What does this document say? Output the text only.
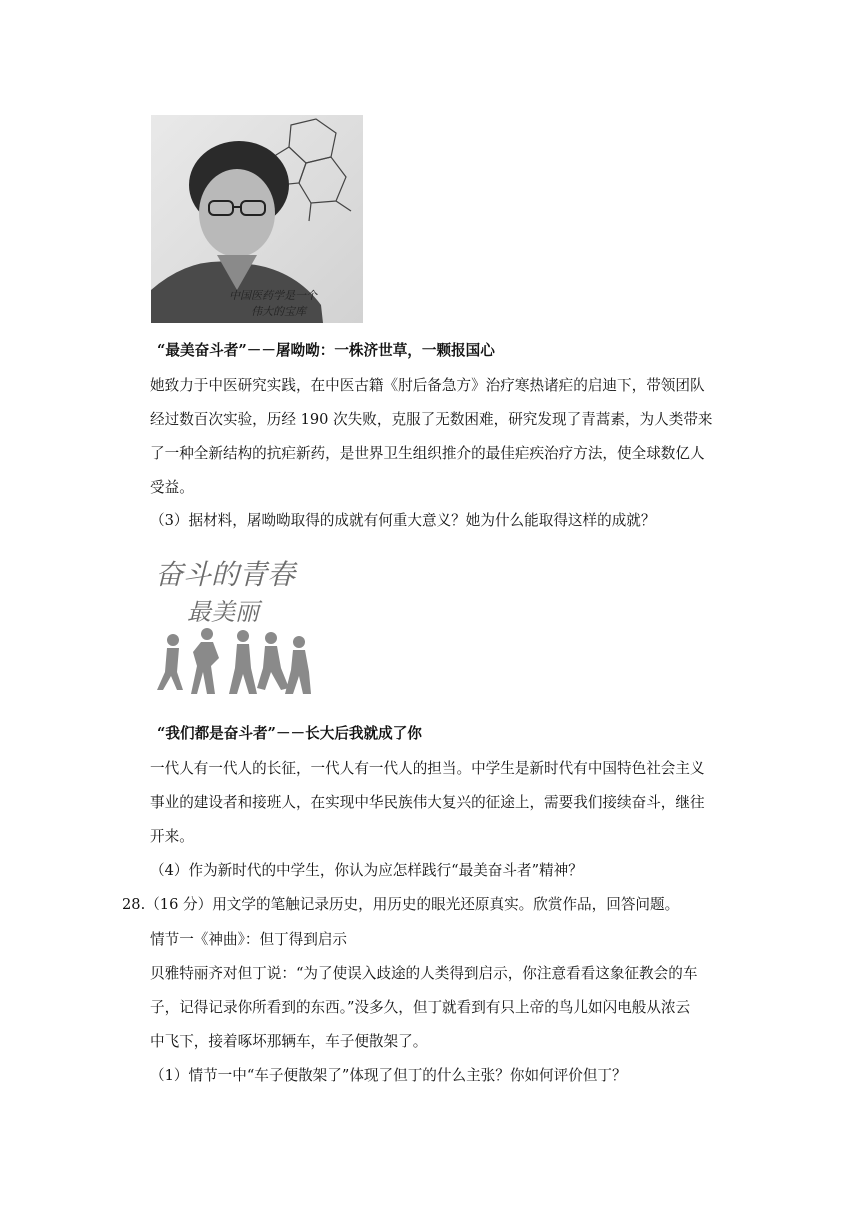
中国医药学是一个
伟大的宝库
“最美奋斗者”－－屠呦呦：一株济世草，一颗报国心
她致力于中医研究实践，在中医古籍《肘后备急方》治疗寒热诸疟的启迪下，带领团队
经过数百次实验，历经 190 次失败，克服了无数困难，研究发现了青蒿素，为人类带来
了一种全新结构的抗疟新药，是世界卫生组织推介的最佳疟疾治疗方法，使全球数亿人
受益。
（3）据材料，屠呦呦取得的成就有何重大意义？她为什么能取得这样的成就？
奋斗的青春
最美丽
“我们都是奋斗者”－－长大后我就成了你
一代人有一代人的长征，一代人有一代人的担当。中学生是新时代有中国特色社会主义
事业的建设者和接班人，在实现中华民族伟大复兴的征途上，需要我们接续奋斗，继往
开来。
（4）作为新时代的中学生，你认为应怎样践行“最美奋斗者”精神？
28.（16 分）用文学的笔触记录历史，用历史的眼光还原真实。欣赏作品，回答问题。
情节一《神曲》：但丁得到启示
贝雅特丽齐对但丁说：“为了使误入歧途的人类得到启示，你注意看看这象征教会的车
子，记得记录你所看到的东西。”没多久，但丁就看到有只上帝的鸟儿如闪电般从浓云
中飞下，接着啄坏那辆车，车子便散架了。
（1）情节一中“车子便散架了”体现了但丁的什么主张？你如何评价但丁？
